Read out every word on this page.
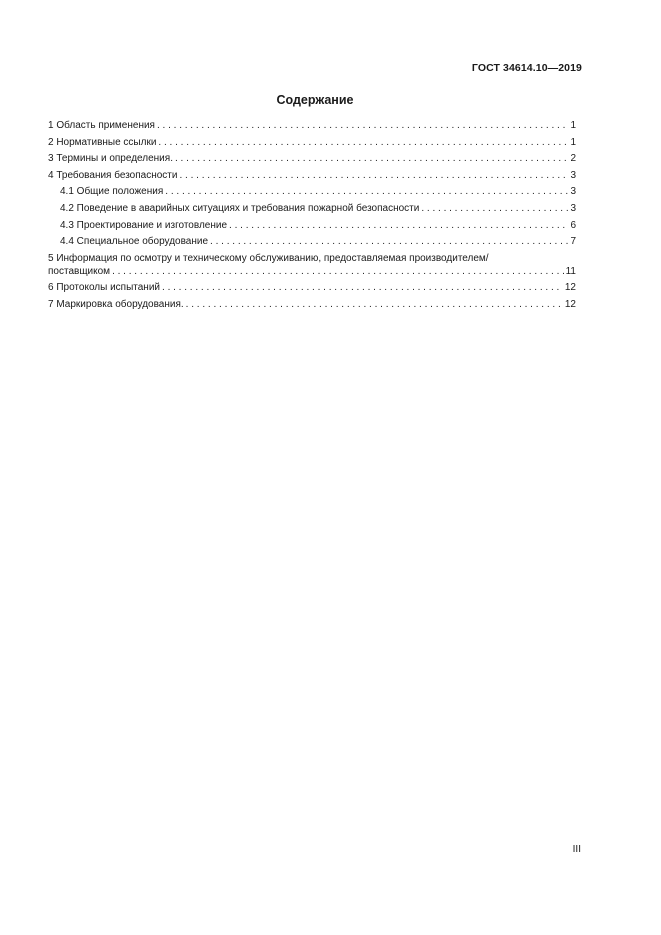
ГОСТ 34614.10—2019
Содержание
1 Область применения . . .	1
2 Нормативные ссылки . . .	1
3 Термины и определения. . . .	2
4 Требования безопасности . . .	3
4.1 Общие положения . . .	3
4.2 Поведение в аварийных ситуациях и требования пожарной безопасности . . .	3
4.3 Проектирование и изготовление . . .	6
4.4 Специальное оборудование . . .	7
5 Информация по осмотру и техническому обслуживанию, предоставляемая производителем/
поставщиком . . .	11
6 Протоколы испытаний . . .	12
7 Маркировка оборудования. . . .	12
III
